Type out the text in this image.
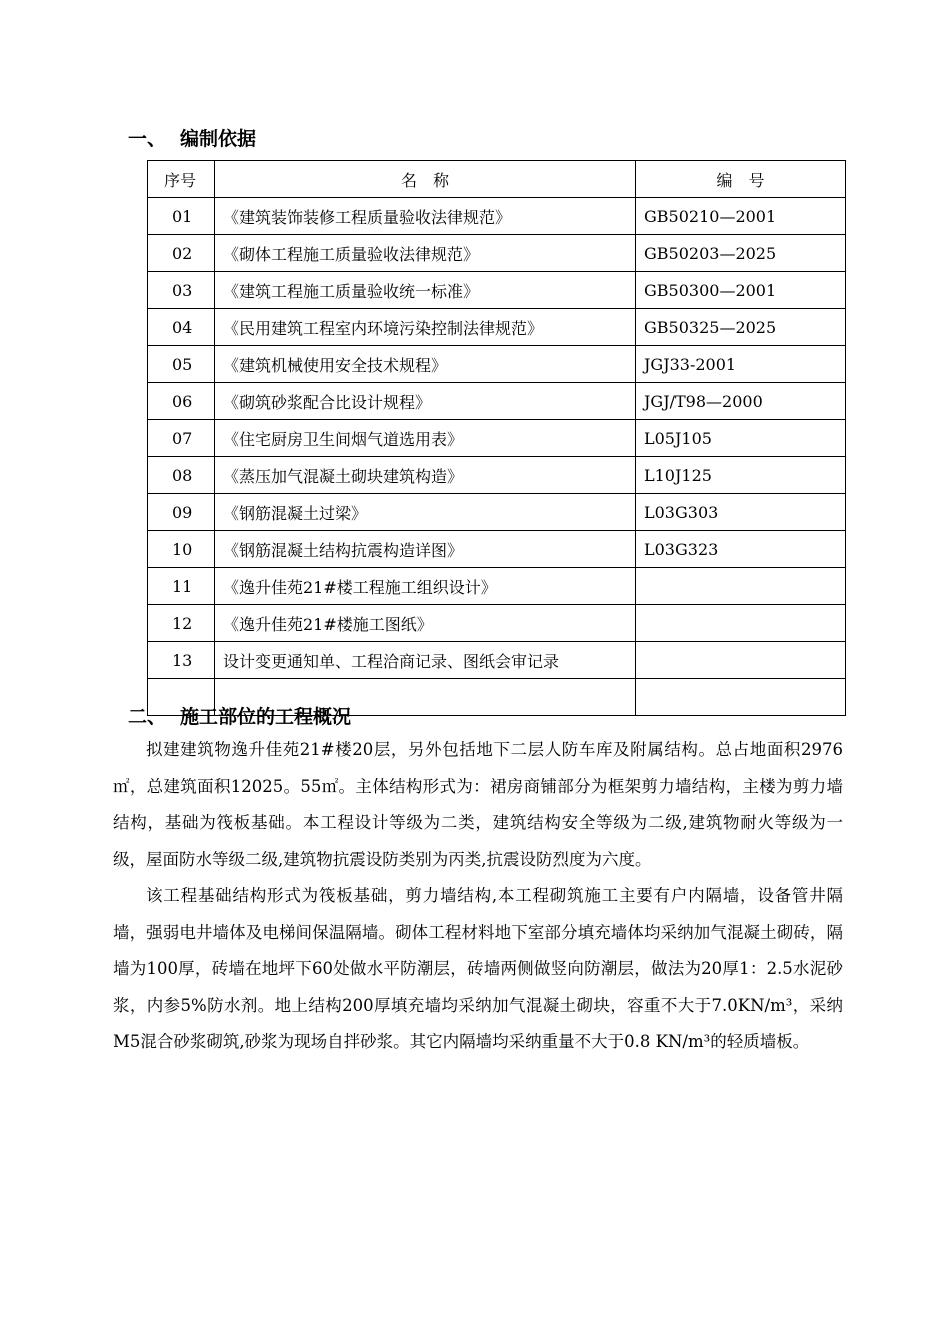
一、 编制依据
序号	名　称	编　号
01	《建筑装饰装修工程质量验收法律规范》	GB50210—2001
02	《砌体工程施工质量验收法律规范》	GB50203—2025
03	《建筑工程施工质量验收统一标准》	GB50300—2001
04	《民用建筑工程室内环境污染控制法律规范》	GB50325—2025
05	《建筑机械使用安全技术规程》	JGJ33-2001
06	《砌筑砂浆配合比设计规程》	JGJ/T98—2000
07	《住宅厨房卫生间烟气道选用表》	L05J105
08	《蒸压加气混凝土砌块建筑构造》	L10J125
09	《钢筋混凝土过梁》	L03G303
10	《钢筋混凝土结构抗震构造详图》	L03G323
11	《逸升佳苑21#楼工程施工组织设计》	
12	《逸升佳苑21#楼施工图纸》	
13	设计变更通知单、工程洽商记录、图纸会审记录	

二、 施工部位的工程概况

拟建建筑物逸升佳苑21#楼20层，另外包括地下二层人防车库及附属结构。总占地面积2976㎡，总建筑面积12025。55㎡。主体结构形式为：裙房商铺部分为框架剪力墙结构，主楼为剪力墙结构，基础为筏板基础。本工程设计等级为二类，建筑结构安全等级为二级,建筑物耐火等级为一级，屋面防水等级二级,建筑物抗震设防类别为丙类,抗震设防烈度为六度。

该工程基础结构形式为筏板基础，剪力墙结构,本工程砌筑施工主要有户内隔墙，设备管井隔墙，强弱电井墙体及电梯间保温隔墙。砌体工程材料地下室部分填充墙体均采纳加气混凝土砌砖，隔墙为100厚，砖墙在地坪下60处做水平防潮层，砖墙两侧做竖向防潮层，做法为20厚1：2.5水泥砂浆，内参5%防水剂。地上结构200厚填充墙均采纳加气混凝土砌块，容重不大于7.0KN/m³，采纳M5混合砂浆砌筑,砂浆为现场自拌砂浆。其它内隔墙均采纳重量不大于0.8 KN/m³的轻质墙板。
